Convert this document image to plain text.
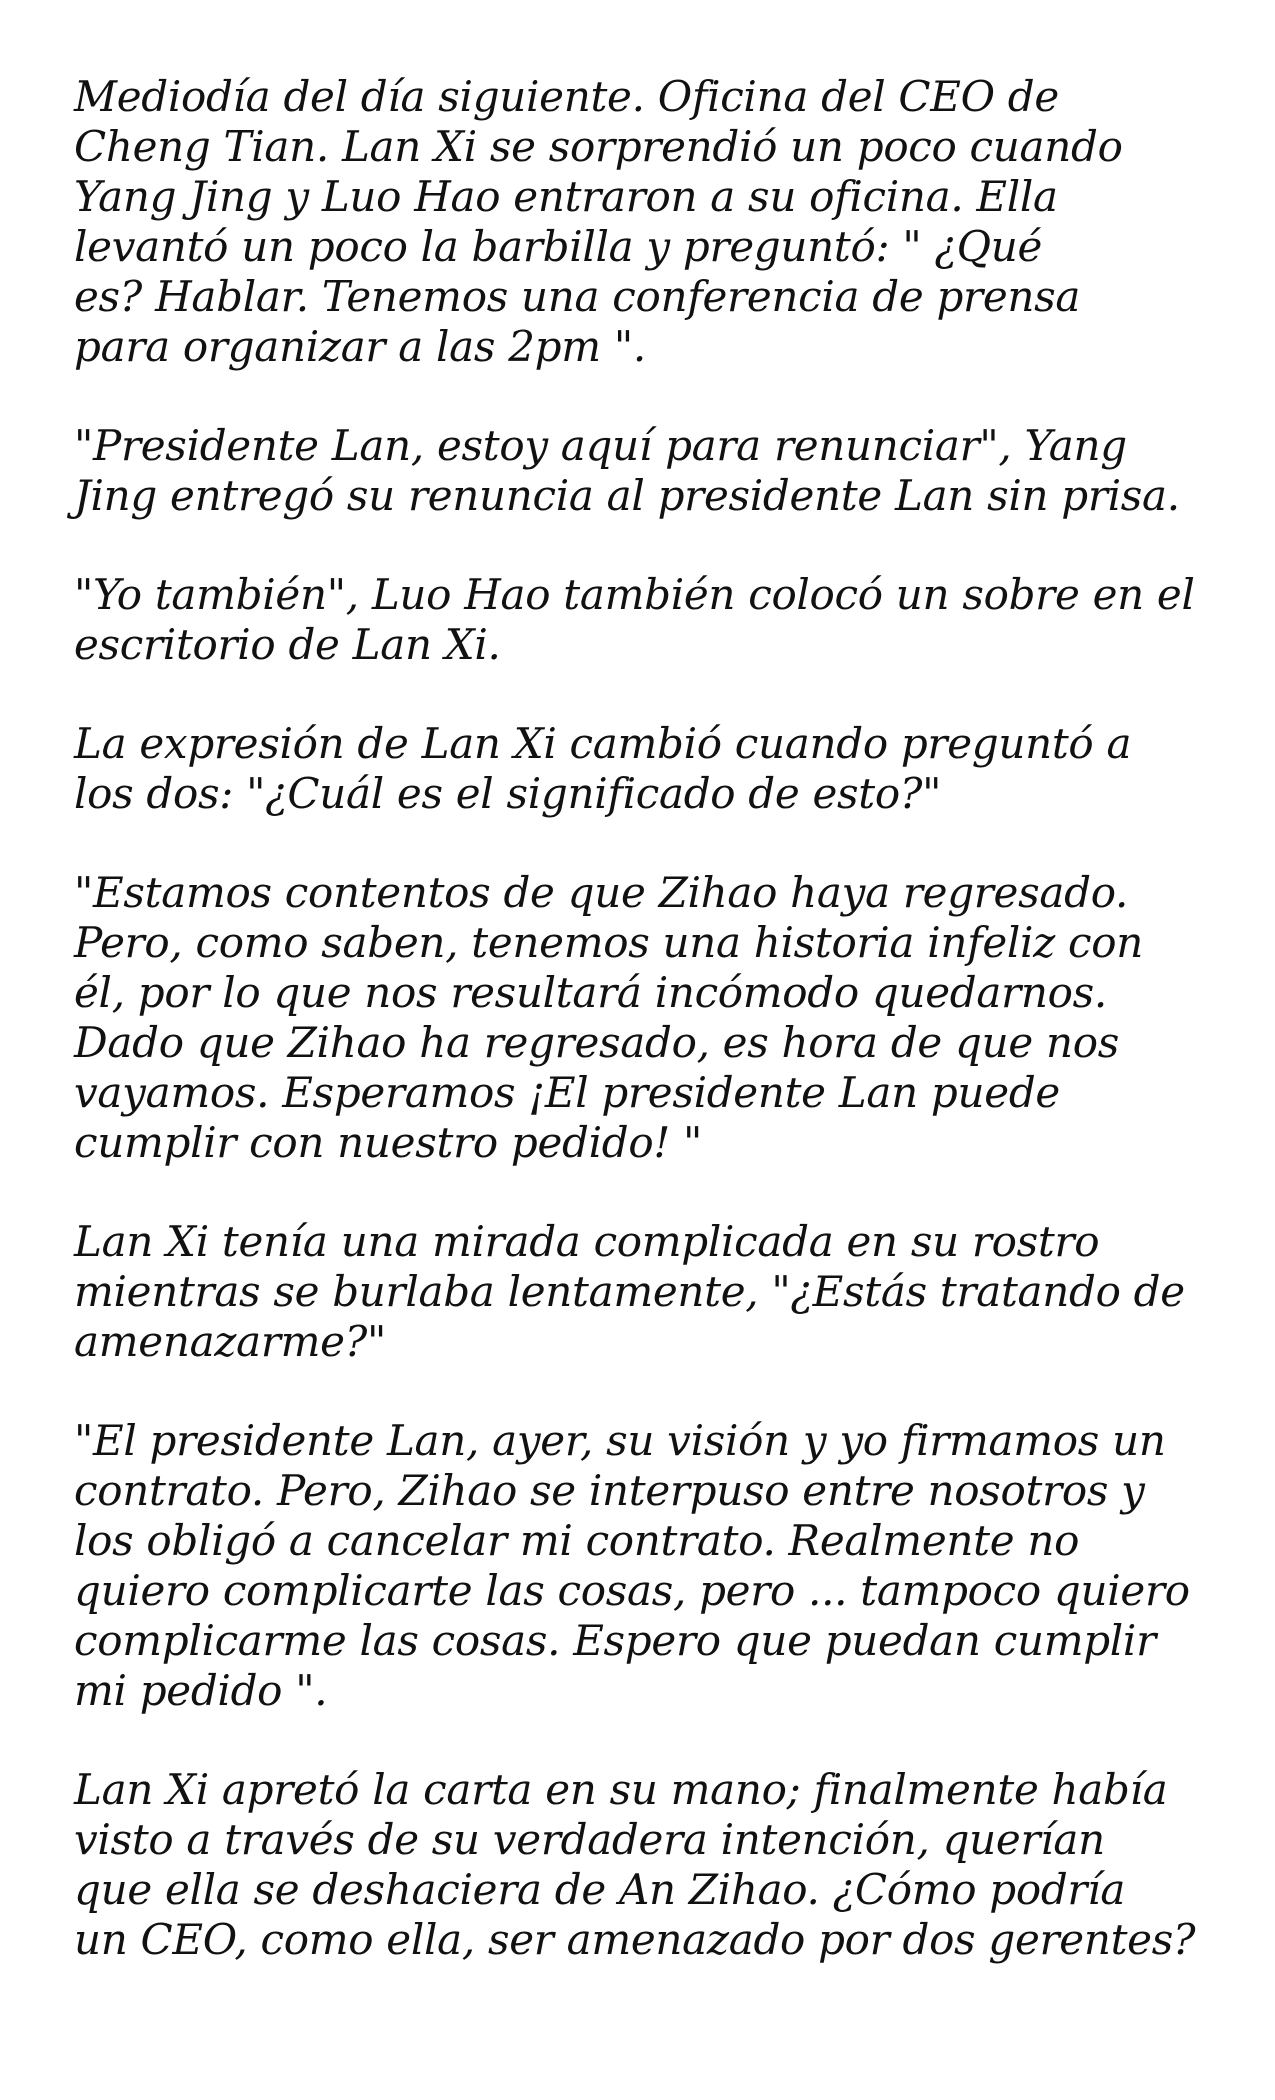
Mediodía del día siguiente. Oficina del CEO de
Cheng Tian. Lan Xi se sorprendió un poco cuando
Yang Jing y Luo Hao entraron a su oficina. Ella
levantó un poco la barbilla y preguntó: " ¿Qué
es? Hablar. Tenemos una conferencia de prensa
para organizar a las 2pm ".

"Presidente Lan, estoy aquí para renunciar", Yang
Jing entregó su renuncia al presidente Lan sin prisa.

"Yo también", Luo Hao también colocó un sobre en el
escritorio de Lan Xi.

La expresión de Lan Xi cambió cuando preguntó a
los dos: "¿Cuál es el significado de esto?"

"Estamos contentos de que Zihao haya regresado.
Pero, como saben, tenemos una historia infeliz con
él, por lo que nos resultará incómodo quedarnos.
Dado que Zihao ha regresado, es hora de que nos
vayamos. Esperamos ¡El presidente Lan puede
cumplir con nuestro pedido! "

Lan Xi tenía una mirada complicada en su rostro
mientras se burlaba lentamente, "¿Estás tratando de
amenazarme?"

"El presidente Lan, ayer, su visión y yo firmamos un
contrato. Pero, Zihao se interpuso entre nosotros y
los obligó a cancelar mi contrato. Realmente no
quiero complicarte las cosas, pero ... tampoco quiero
complicarme las cosas. Espero que puedan cumplir
mi pedido ".

Lan Xi apretó la carta en su mano; finalmente había
visto a través de su verdadera intención, querían
que ella se deshaciera de An Zihao. ¿Cómo podría
un CEO, como ella, ser amenazado por dos gerentes?
